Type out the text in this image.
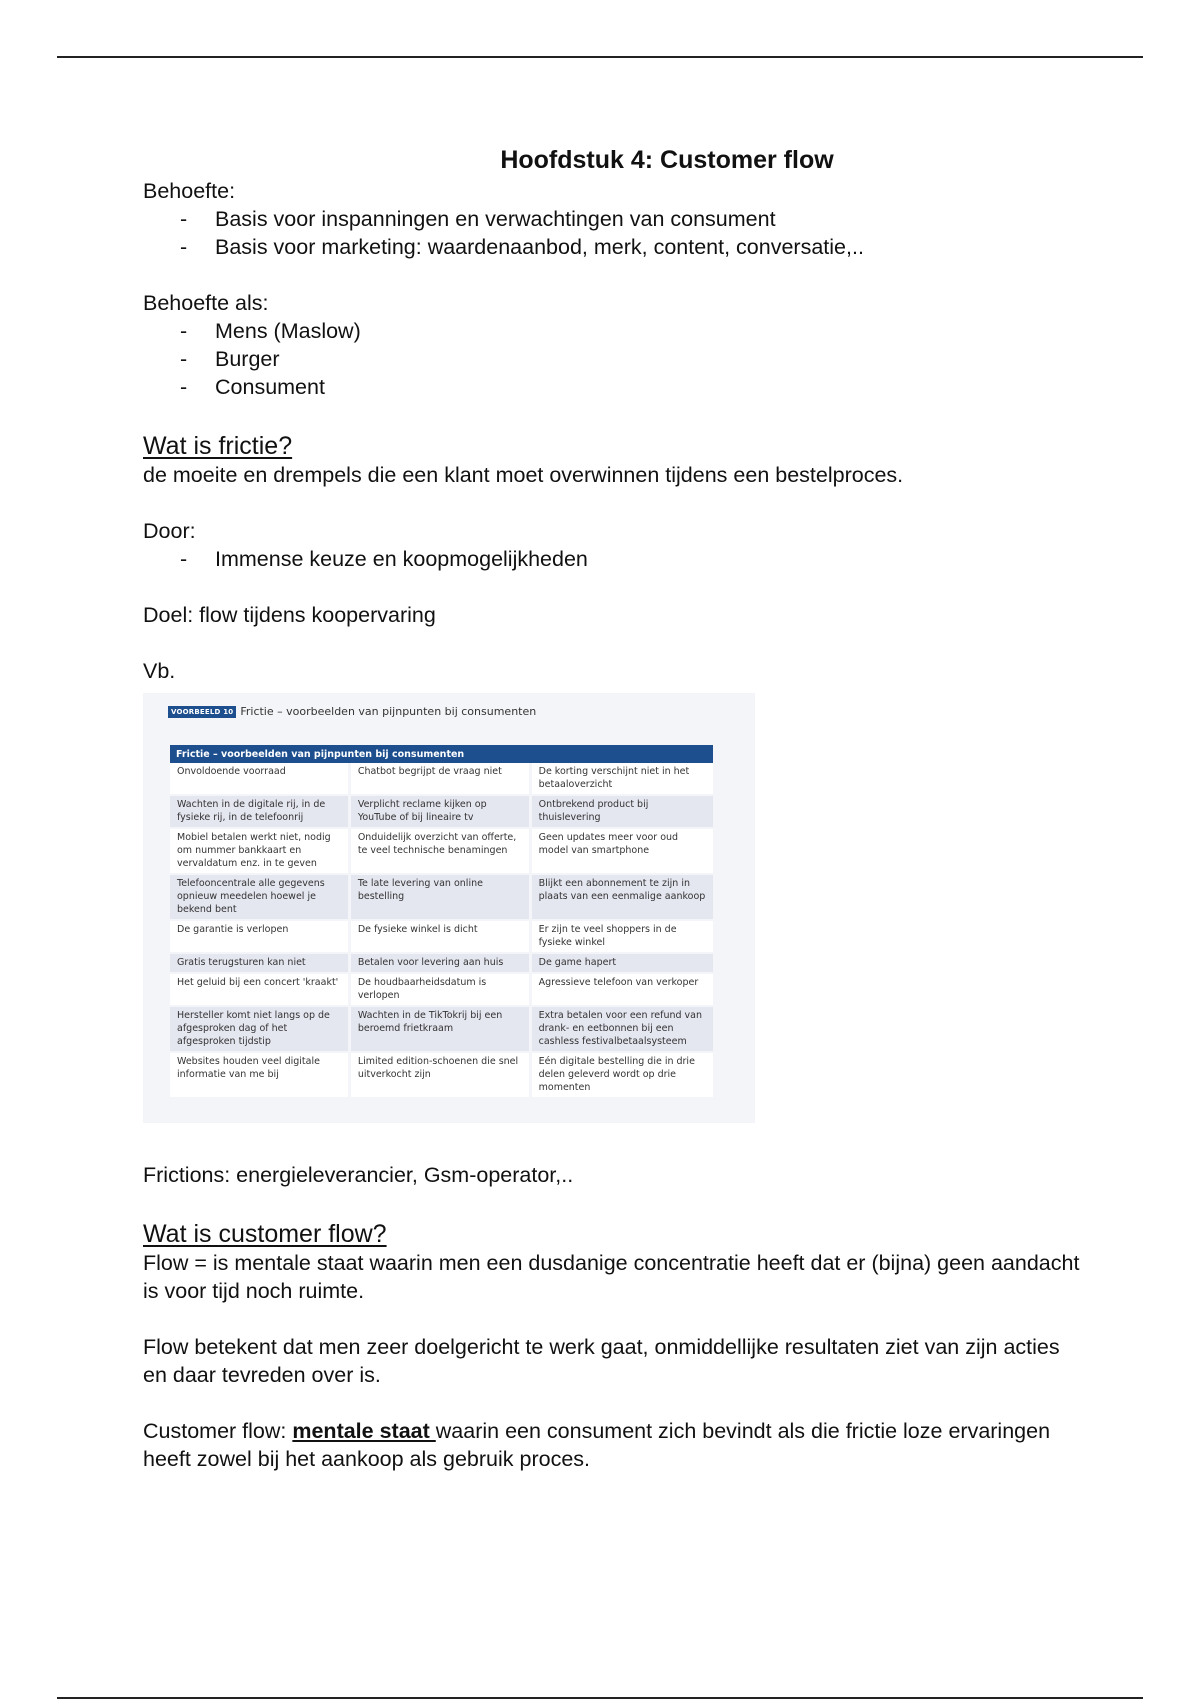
Hoofdstuk 4: Customer flow

Behoefte:

- Basis voor inspanningen en verwachtingen van consument
- Basis voor marketing: waardenaanbod, merk, content, conversatie,..

Behoefte als:

- Mens (Maslow)
- Burger
- Consument
Wat is frictie?

de moeite en drempels die een klant moet overwinnen tijdens een bestelproces.

Door:

- Immense keuze en koopmogelijkheden

Doel: flow tijdens koopervaring

Vb.

VOORBEELD 10 Frictie – voorbeelden van pijnpunten bij consumenten
Frictie – voorbeelden van pijnpunten bij consumenten		
Onvoldoende voorraad	Chatbot begrijpt de vraag niet	De korting verschijnt niet in het betaaloverzicht
Wachten in de digitale rij, in de fysieke rij, in de telefoonrij	Verplicht reclame kijken op YouTube of bij lineaire tv	Ontbrekend product bij thuislevering
Mobiel betalen werkt niet, nodig om nummer bankkaart en vervaldatum enz. in te geven	Onduidelijk overzicht van offerte, te veel technische benamingen	Geen updates meer voor oud model van smartphone
Telefooncentrale alle gegevens opnieuw meedelen hoewel je bekend bent	Te late levering van online bestelling	Blijkt een abonnement te zijn in plaats van een eenmalige aankoop
De garantie is verlopen	De fysieke winkel is dicht	Er zijn te veel shoppers in de fysieke winkel
Gratis terugsturen kan niet	Betalen voor levering aan huis	De game hapert
Het geluid bij een concert 'kraakt'	De houdbaarheidsdatum is verlopen	Agressieve telefoon van verkoper
Hersteller komt niet langs op de afgesproken dag of het afgesproken tijdstip	Wachten in de TikTokrij bij een beroemd frietkraam	Extra betalen voor een refund van drank- en eetbonnen bij een cashless festivalbetaalsysteem
Websites houden veel digitale informatie van me bij	Limited edition-schoenen die snel uitverkocht zijn	Eén digitale bestelling die in drie delen geleverd wordt op drie momenten

Frictions: energieleverancier, Gsm-operator,..

Wat is customer flow?

Flow = is mentale staat waarin men een dusdanige concentratie heeft dat er (bijna) geen aandacht is voor tijd noch ruimte.

Flow betekent dat men zeer doelgericht te werk gaat, onmiddellijke resultaten ziet van zijn acties en daar tevreden over is.

Customer flow: mentale staat waarin een consument zich bevindt als die frictie loze ervaringen heeft zowel bij het aankoop als gebruik proces.
